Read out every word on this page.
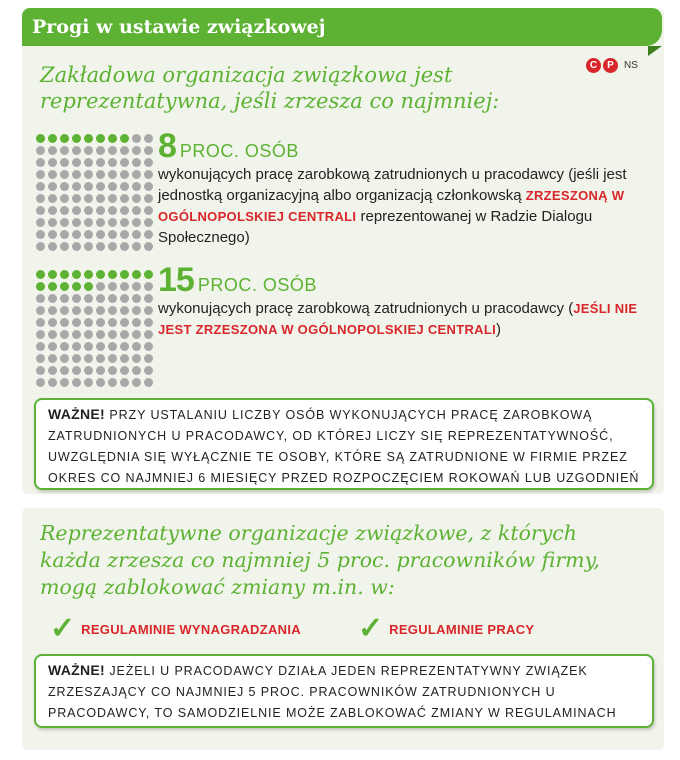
Progi w ustawie związkowej
C	P	NS

Zakładowa organizacja związkowa jest reprezentatywna, jeśli zrzesza co najmniej:

8 PROC. OSÓB
wykonujących pracę zarobkową zatrudnionych u pracodawcy (jeśli jest jednostką organizacyjną albo organizacją członkowską ZRZESZONĄ W OGÓLNOPOLSKIEJ CENTRALI reprezentowanej w Radzie Dialogu Społecznego)
15 PROC. OSÓB
wykonujących pracę zarobkową zatrudnionych u pracodawcy (JEŚLI NIE JEST ZRZESZONA W OGÓLNOPOLSKIEJ CENTRALI)
WAŻNE! PRZY USTALANIU LICZBY OSÓB WYKONUJĄCYCH PRACĘ ZAROBKOWĄ ZATRUDNIONYCH U PRACODAWCY, OD KTÓREJ LICZY SIĘ REPREZENTATYWNOŚĆ, UWZGLĘDNIA SIĘ WYŁĄCZNIE TE OSOBY, KTÓRE SĄ ZATRUDNIONE W FIRMIE PRZEZ OKRES CO NAJMNIEJ 6 MIESIĘCY PRZED ROZPOCZĘCIEM ROKOWAŃ LUB UZGODNIEŃ

Reprezentatywne organizacje związkowe, z których każda zrzesza co najmniej 5 proc. pracowników firmy, mogą zablokować zmiany m.in. w:

✓ REGULAMINIE WYNAGRADZANIA ✓ REGULAMINIE PRACY
WAŻNE! JEŻELI U PRACODAWCY DZIAŁA JEDEN REPREZENTATYWNY ZWIĄZEK ZRZESZAJĄCY CO NAJMNIEJ 5 PROC. PRACOWNIKÓW ZATRUDNIONYCH U PRACODAWCY, TO SAMODZIELNIE MOŻE ZABLOKOWAĆ ZMIANY W REGULAMINACH
